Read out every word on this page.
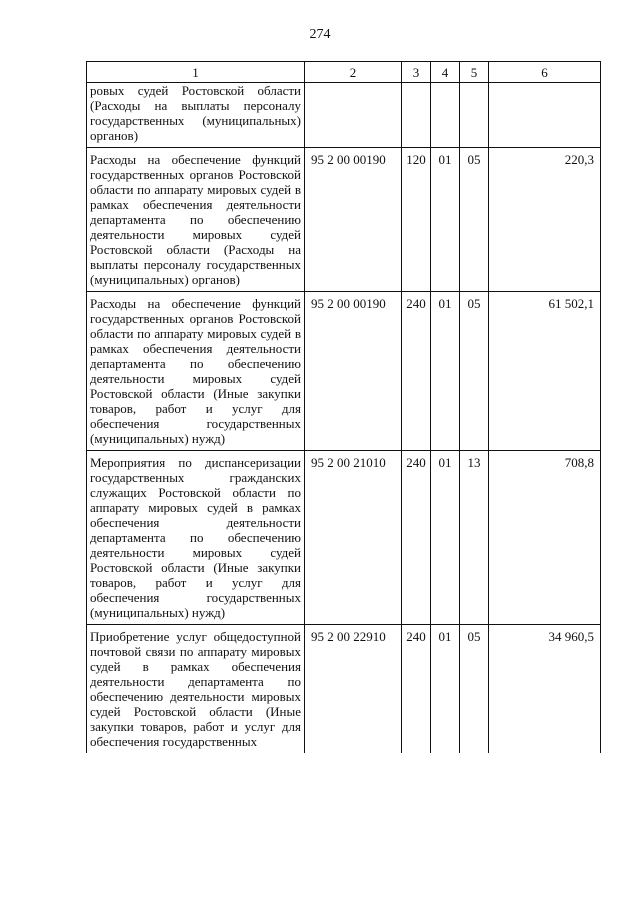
274
1	2	3	4	5	6
ровых судей Ростовской области (Расходы на выплаты персоналу государственных (муниципальных) органов)					
Расходы на обеспечение функций государственных органов Ростовской области по аппарату мировых судей в рамках обеспечения деятельности департамента по обеспечению деятельности мировых судей Ростовской области (Расходы на выплаты персоналу государственных (муниципальных) органов)	95 2 00 00190	120	01	05	220,3
Расходы на обеспечение функций государственных органов Ростовской области по аппарату мировых судей в рамках обеспечения деятельности департамента по обеспечению деятельности мировых судей Ростовской области (Иные закупки товаров, работ и услуг для обеспечения государственных (муниципальных) нужд)	95 2 00 00190	240	01	05	61 502,1
Мероприятия по диспансеризации государственных гражданских служащих Ростовской области по аппарату мировых судей в рамках обеспечения деятельности департамента по обеспечению деятельности мировых судей Ростовской области (Иные закупки товаров, работ и услуг для обеспечения государственных (муниципальных) нужд)	95 2 00 21010	240	01	13	708,8
Приобретение услуг общедоступной почтовой связи по аппарату мировых судей в рамках обеспечения деятельности департамента по обеспечению деятельности мировых судей Ростовской области (Иные закупки товаров, работ и услуг для обеспечения государственных	95 2 00 22910	240	01	05	34 960,5
